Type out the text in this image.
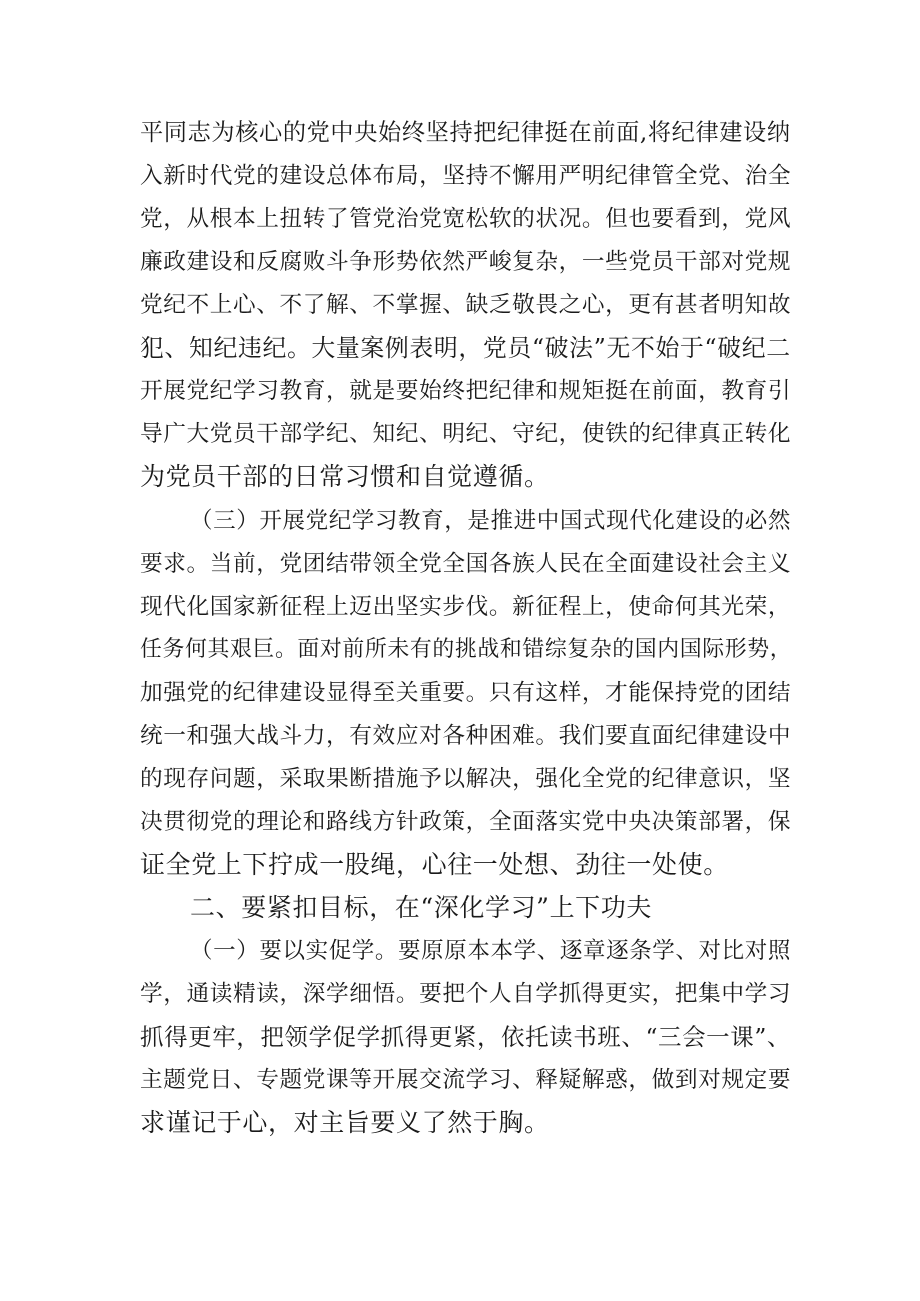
平同志为核心的党中央始终坚持把纪律挺在前面,将纪律建设纳
入新时代党的建设总体布局，坚持不懈用严明纪律管全党、治全
党，从根本上扭转了管党治党宽松软的状况。但也要看到，党风
廉政建设和反腐败斗争形势依然严峻复杂，一些党员干部对党规
党纪不上心、不了解、不掌握、缺乏敬畏之心，更有甚者明知故
犯、知纪违纪。大量案例表明，党员“破法”无不始于“破纪二
开展党纪学习教育，就是要始终把纪律和规矩挺在前面，教育引
导广大党员干部学纪、知纪、明纪、守纪，使铁的纪律真正转化
为党员干部的日常习惯和自觉遵循。
（三）开展党纪学习教育，是推进中国式现代化建设的必然
要求。当前，党团结带领全党全国各族人民在全面建设社会主义
现代化国家新征程上迈出坚实步伐。新征程上，使命何其光荣，
任务何其艰巨。面对前所未有的挑战和错综复杂的国内国际形势，
加强党的纪律建设显得至关重要。只有这样，才能保持党的团结
统一和强大战斗力，有效应对各种困难。我们要直面纪律建设中
的现存问题，采取果断措施予以解决，强化全党的纪律意识，坚
决贯彻党的理论和路线方针政策，全面落实党中央决策部署，保
证全党上下拧成一股绳，心往一处想、劲往一处使。
二、要紧扣目标，在“深化学习”上下功夫
（一）要以实促学。要原原本本学、逐章逐条学、对比对照
学，通读精读，深学细悟。要把个人自学抓得更实，把集中学习
抓得更牢，把领学促学抓得更紧，依托读书班、“三会一课”、
主题党日、专题党课等开展交流学习、释疑解惑，做到对规定要
求谨记于心，对主旨要义了然于胸。
